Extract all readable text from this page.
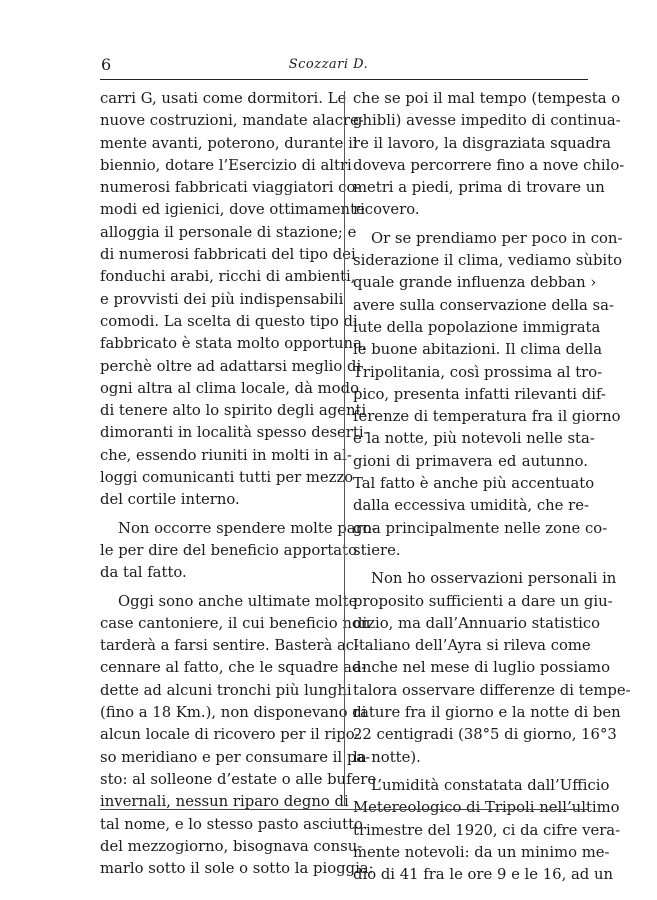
6	Scozzari D.
carri G, usati come dormitori. Le
nuove costruzioni, mandate alacre-
mente avanti, poterono, durante il
biennio, dotare l’Esercizio di altri
numerosi fabbricati viaggiatori co-
modi ed igienici, dove ottimamente
alloggia il personale di stazione; e
di numerosi fabbricati del tipo dei
fonduchi arabi, ricchi di ambienti,
e provvisti dei più indispensabili
comodi. La scelta di questo tipo di
fabbricato è stata molto opportuna,
perchè oltre ad adattarsi meglio di
ogni altra al clima locale, dà modo
di tenere alto lo spirito degli agenti
dimoranti in località spesso deserti-
che, essendo riuniti in molti in al-
loggi comunicanti tutti per mezzo
del cortile interno.
Non occorre spendere molte paro-
le per dire del beneficio apportato
da tal fatto.
Oggi sono anche ultimate molte
case cantoniere, il cui beneficio non
tarderà a farsi sentire. Basterà ac-
cennare al fatto, che le squadre ad-
dette ad alcuni tronchi più lunghi
(fino a 18 Km.), non disponevano di
alcun locale di ricovero per il ripo-
so meridiano e per consumare il pa-
sto: al solleone d’estate o alle bufere
invernali, nessun riparo degno di
tal nome, e lo stesso pasto asciutto
del mezzogiorno, bisognava consu-
marlo sotto il sole o sotto la pioggia:
che se poi il mal tempo (tempesta o
ghibli) avesse impedito di continua-
re il lavoro, la disgraziata squadra
doveva percorrere fino a nove chilo-
metri a piedi, prima di trovare un
ricovero.
Or se prendiamo per poco in con-
siderazione il clima, vediamo sùbito
quale grande influenza debban ›
avere sulla conservazione della sa-
lute della popolazione immigrata
le buone abitazioni. Il clima della
Tripolitania, così prossima al tro-
pico, presenta infatti rilevanti dif-
ferenze di temperatura fra il giorno
e la notte, più notevoli nelle sta-
gioni di primavera ed autunno.
Tal fatto è anche più accentuato
dalla eccessiva umidità, che re-
gna principalmente nelle zone co-
stiere.
Non ho osservazioni personali in
proposito sufficienti a dare un giu-
dizio, ma dall’Annuario statistico
Italiano dell’Ayra si rileva come
anche nel mese di luglio possiamo
talora osservare differenze di tempe-
rature fra il giorno e la notte di ben
22 centigradi (38°5 di giorno, 16°3
la notte).
L’umidità constatata dall’Ufficio
Metereologico di Tripoli nell’ultimo
trimestre del 1920, ci da cifre vera-
mente notevoli: da un minimo me-
dio di 41 fra le ore 9 e le 16, ad un
